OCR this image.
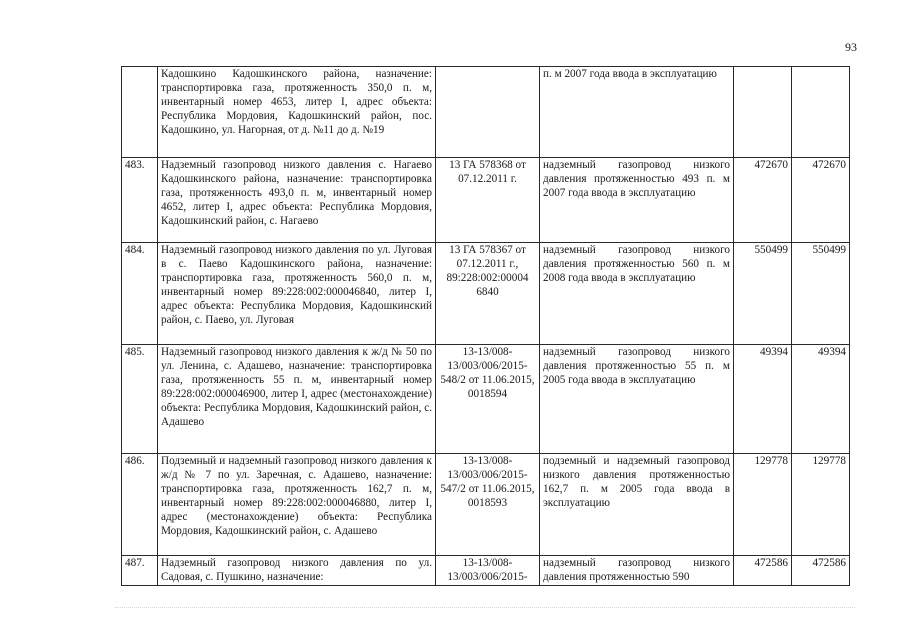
93
	Кадошкино Кадошкинского района, назначение: транспортировка газа, протяженность 350,0 п. м, инвентарный номер 4653, литер I, адрес объекта: Республика Мордовия, Кадошкинский район, пос. Кадошкино, ул. Нагорная, от д. №11 до д. №19		п. м 2007 года ввода в эксплуатацию		
483.	Надземный газопровод низкого давления с. Нагаево Кадошкинского района, назначение: транспортировка газа, протяженность 493,0 п. м, инвентарный номер 4652, литер I, адрес объекта: Республика Мордовия, Кадошкинский район, с. Нагаево	13 ГА 578368 от 07.12.2011 г.	надземный газопровод низкого давления протяженностью 493 п. м 2007 года ввода в эксплуатацию	472670	472670
484.	Надземный газопровод низкого давления по ул. Луговая в с. Паево Кадошкинского района, назначение: транспортировка газа, протяженность 560,0 п. м, инвентарный номер 89:228:002:000046840, литер I, адрес объекта: Республика Мордовия, Кадошкинский район, с. Паево, ул. Луговая	13 ГА 578367 от 07.12.2011 г., 89:228:002:00004 6840	надземный газопровод низкого давления протяженностью 560 п. м 2008 года ввода в эксплуатацию	550499	550499
485.	Надземный газопровод низкого давления к ж/д № 50 по ул. Ленина, с. Адашево, назначение: транспортировка газа, протяженность 55 п. м, инвентарный номер 89:228:002:000046900, литер I, адрес (местонахождение) объекта: Республика Мордовия, Кадошкинский район, с. Адашево	13-13/008-13/003/006/2015-548/2 от 11.06.2015, 0018594	надземный газопровод низкого давления протяженностью 55 п. м 2005 года ввода в эксплуатацию	49394	49394
486.	Подземный и надземный газопровод низкого давления к ж/д № 7 по ул. Заречная, с. Адашево, назначение: транспортировка газа, протяженность 162,7 п. м, инвентарный номер 89:228:002:000046880, литер I, адрес (местонахождение) объекта: Республика Мордовия, Кадошкинский район, с. Адашево	13-13/008-13/003/006/2015-547/2 от 11.06.2015, 0018593	подземный и надземный газопровод низкого давления протяженностью 162,7 п. м 2005 года ввода в эксплуатацию	129778	129778
487.	Надземный газопровод низкого давления по ул. Садовая, с. Пушкино, назначение:	13-13/008-13/003/006/2015-	надземный газопровод низкого давления протяженностью 590	472586	472586
